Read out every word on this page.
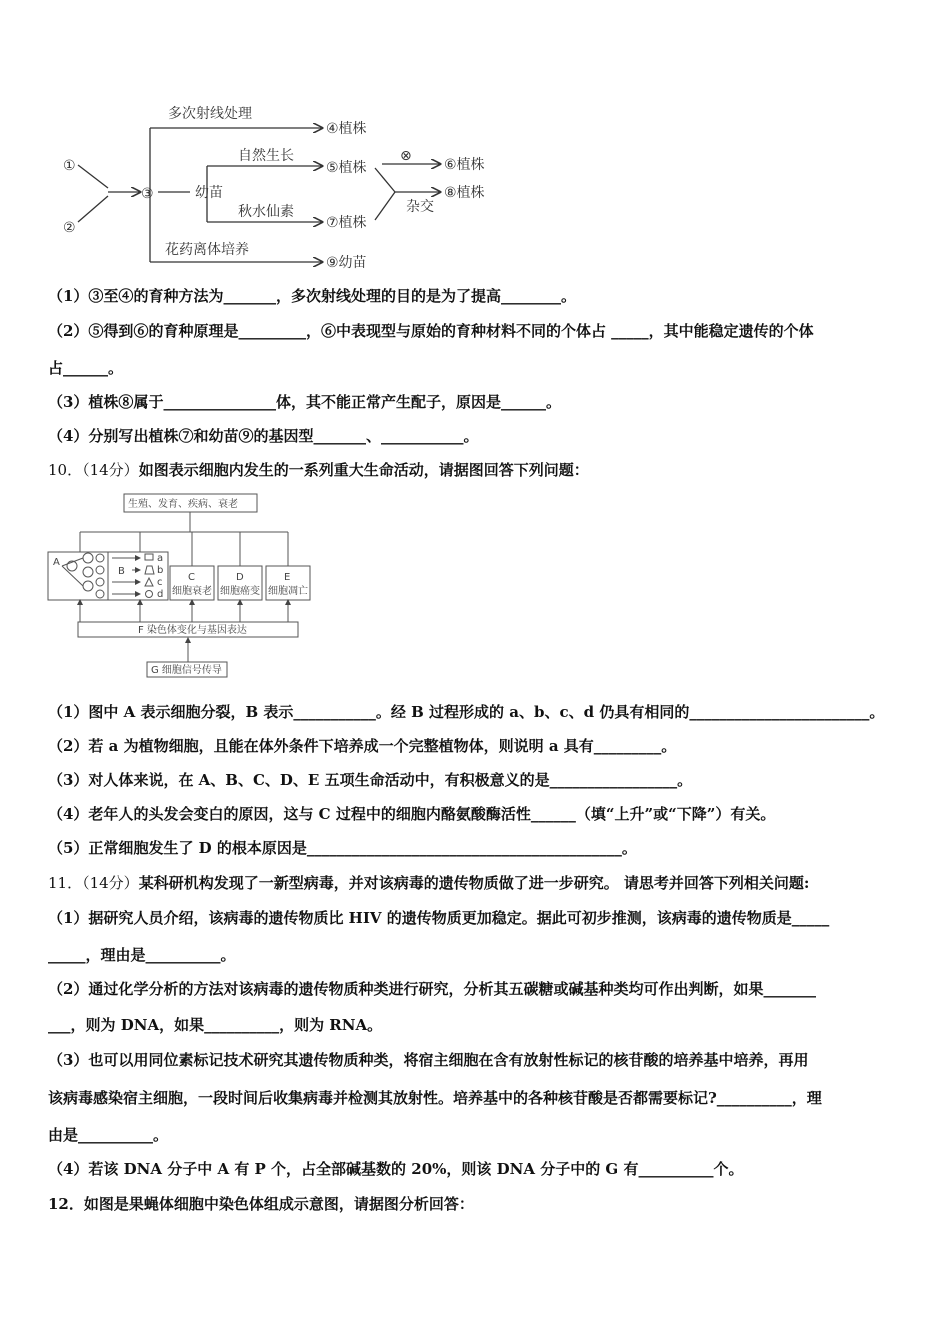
①
②
③
多次射线处理
④植株
自然生长
⑤植株
⊗
⑥植株
幼苗
杂交
⑧植株
秋水仙素
⑦植株
花药离体培养
⑨幼苗
（1）③至④的育种方法为_______，多次射线处理的目的是为了提高________。
（2）⑤得到⑥的育种原理是_________，⑥中表现型与原始的育种材料不同的个体占 _____，其中能稳定遗传的个体
占______。
（3）植株⑧属于_______________体，其不能正常产生配子，原因是______。
（4）分别写出植株⑦和幼苗⑨的基因型_______、___________。
10．（14分）如图表示细胞内发生的一系列重大生命活动，请据图回答下列问题：
生殖、发育、疾病、衰老
A
B
a
b
c
d
C
细胞衰老
D
细胞癌变
E
细胞凋亡
F 染色体变化与基因表达
G 细胞信号传导
（1）图中 A 表示细胞分裂，B 表示___________。经 B 过程形成的 a、b、c、d 仍具有相同的________________________。
（2）若 a 为植物细胞，且能在体外条件下培养成一个完整植物体，则说明 a 具有_________。
（3）对人体来说，在 A、B、C、D、E 五项生命活动中，有积极意义的是_________________。
（4）老年人的头发会变白的原因，这与 C 过程中的细胞内酪氨酸酶活性______（填“上升”或“下降”）有关。
（5）正常细胞发生了 D 的根本原因是__________________________________________。
11．（14分）某科研机构发现了一新型病毒，并对该病毒的遗传物质做了进一步研究。 请思考并回答下列相关问题:
（1）据研究人员介绍，该病毒的遗传物质比 HIV 的遗传物质更加稳定。据此可初步推测，该病毒的遗传物质是_____
_____，理由是__________。
（2）通过化学分析的方法对该病毒的遗传物质种类进行研究，分析其五碳糖或碱基种类均可作出判断，如果_______
___，则为 DNA，如果__________，则为 RNA。
（3）也可以用同位素标记技术研究其遗传物质种类，将宿主细胞在含有放射性标记的核苷酸的培养基中培养，再用
该病毒感染宿主细胞，一段时间后收集病毒并检测其放射性。培养基中的各种核苷酸是否都需要标记?__________，理
由是__________。
（4）若该 DNA 分子中 A 有 P 个，占全部碱基数的 20%，则该 DNA 分子中的 G 有__________个。
12．如图是果蝇体细胞中染色体组成示意图，请据图分析回答：
